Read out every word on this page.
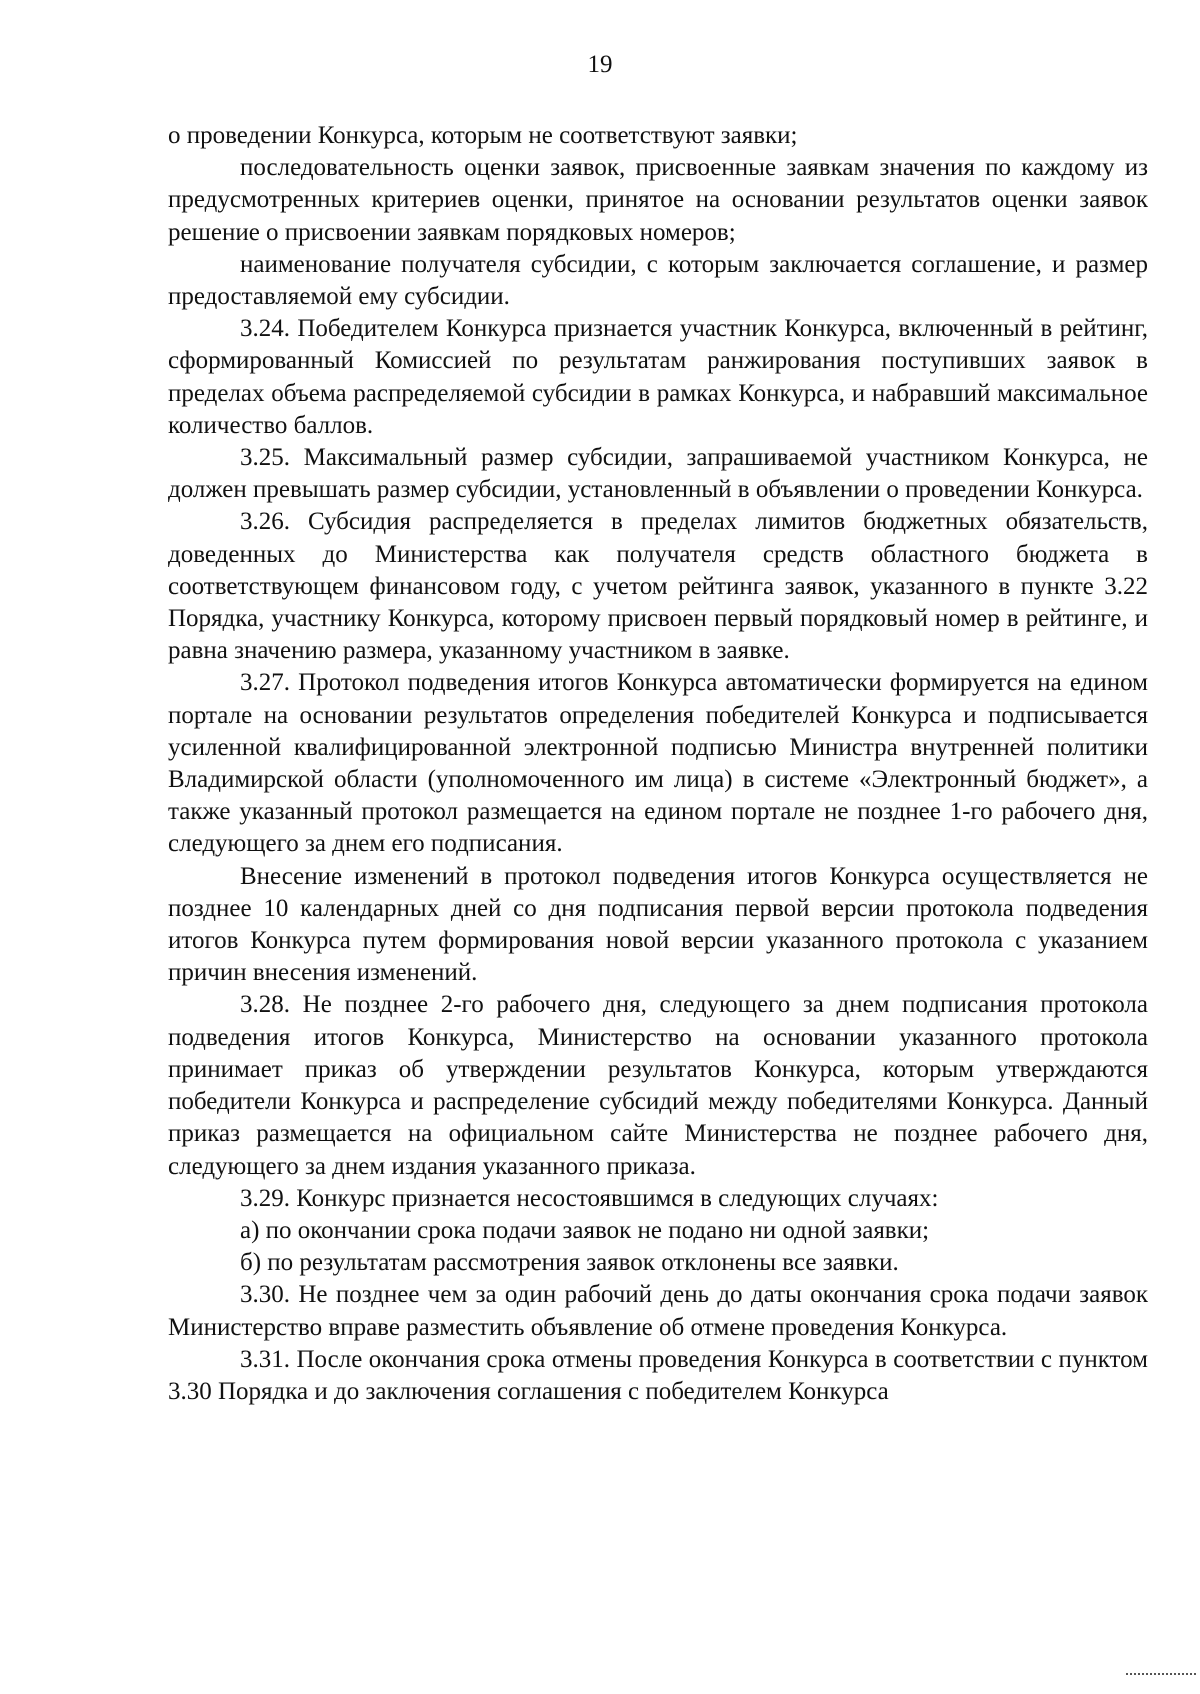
19

о проведении Конкурса, которым не соответствуют заявки;

последовательность оценки заявок, присвоенные заявкам значения по каждому из предусмотренных критериев оценки, принятое на основании результатов оценки заявок решение о присвоении заявкам порядковых номеров;

наименование получателя субсидии, с которым заключается соглашение, и размер предоставляемой ему субсидии.

3.24. Победителем Конкурса признается участник Конкурса, включенный в рейтинг, сформированный Комиссией по результатам ранжирования поступивших заявок в пределах объема распределяемой субсидии в рамках Конкурса, и набравший максимальное количество баллов.

3.25. Максимальный размер субсидии, запрашиваемой участником Конкурса, не должен превышать размер субсидии, установленный в объявлении о проведении Конкурса.

3.26. Субсидия распределяется в пределах лимитов бюджетных обязательств, доведенных до Министерства как получателя средств областного бюджета в соответствующем финансовом году, с учетом рейтинга заявок, указанного в пункте 3.22 Порядка, участнику Конкурса, которому присвоен первый порядковый номер в рейтинге, и равна значению размера, указанному участником в заявке.

3.27. Протокол подведения итогов Конкурса автоматически формируется на едином портале на основании результатов определения победителей Конкурса и подписывается усиленной квалифицированной электронной подписью Министра внутренней политики Владимирской области (уполномоченного им лица) в системе «Электронный бюджет», а также указанный протокол размещается на едином портале не позднее 1-го рабочего дня, следующего за днем его подписания.

Внесение изменений в протокол подведения итогов Конкурса осуществляется не позднее 10 календарных дней со дня подписания первой версии протокола подведения итогов Конкурса путем формирования новой версии указанного протокола с указанием причин внесения изменений.

3.28. Не позднее 2-го рабочего дня, следующего за днем подписания протокола подведения итогов Конкурса, Министерство на основании указанного протокола принимает приказ об утверждении результатов Конкурса, которым утверждаются победители Конкурса и распределение субсидий между победителями Конкурса. Данный приказ размещается на официальном сайте Министерства не позднее рабочего дня, следующего за днем издания указанного приказа.

3.29. Конкурс признается несостоявшимся в следующих случаях:

а) по окончании срока подачи заявок не подано ни одной заявки;

б) по результатам рассмотрения заявок отклонены все заявки.

3.30. Не позднее чем за один рабочий день до даты окончания срока подачи заявок Министерство вправе разместить объявление об отмене проведения Конкурса.

3.31. После окончания срока отмены проведения Конкурса в соответствии с пунктом 3.30 Порядка и до заключения соглашения с победителем Конкурса
